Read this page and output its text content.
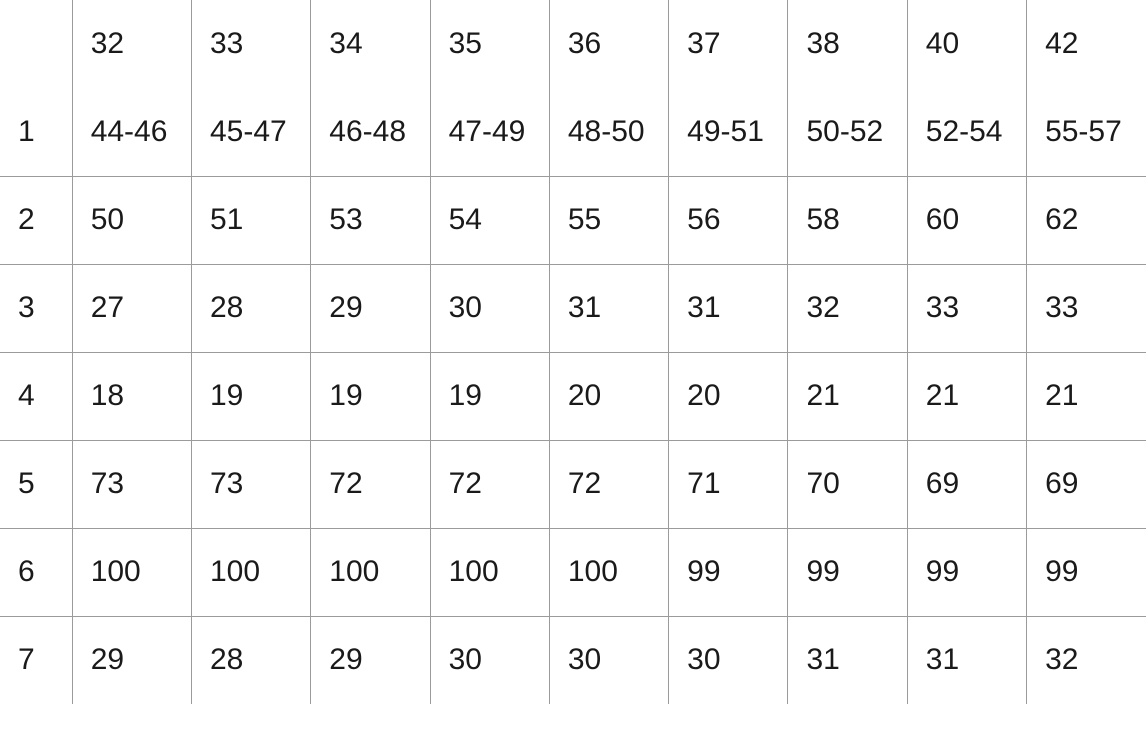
	32	33	34	35	36	37	38	40	42
1	44-46	45-47	46-48	47-49	48-50	49-51	50-52	52-54	55-57
2	50	51	53	54	55	56	58	60	62
3	27	28	29	30	31	31	32	33	33
4	18	19	19	19	20	20	21	21	21
5	73	73	72	72	72	71	70	69	69
6	100	100	100	100	100	99	99	99	99
7	29	28	29	30	30	30	31	31	32
